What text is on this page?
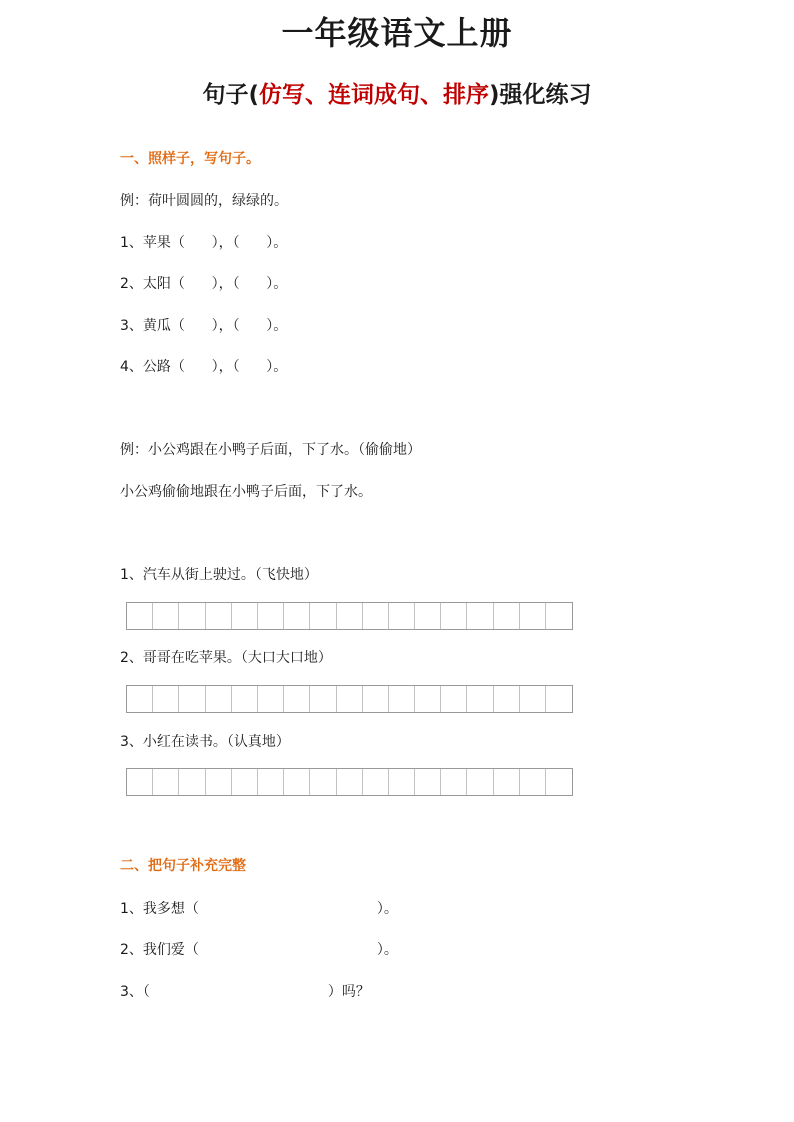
一年级语文上册
句子(仿写、连词成句、排序)强化练习
一、照样子，写句子。
例：荷叶圆圆的，绿绿的。
1、苹果（      ），（      ）。
2、太阳（      ），（      ）。
3、黄瓜（      ），（      ）。
4、公路（      ），（      ）。
例：小公鸡跟在小鸭子后面，下了水。（偷偷地）
小公鸡偷偷地跟在小鸭子后面，下了水。
1、汽车从街上驶过。（飞快地）
2、哥哥在吃苹果。（大口大口地）
3、小红在读书。（认真地）
二、把句子补充完整
1、我多想（                                        ）。
2、我们爱（                                        ）。
3、（                                        ）吗？
